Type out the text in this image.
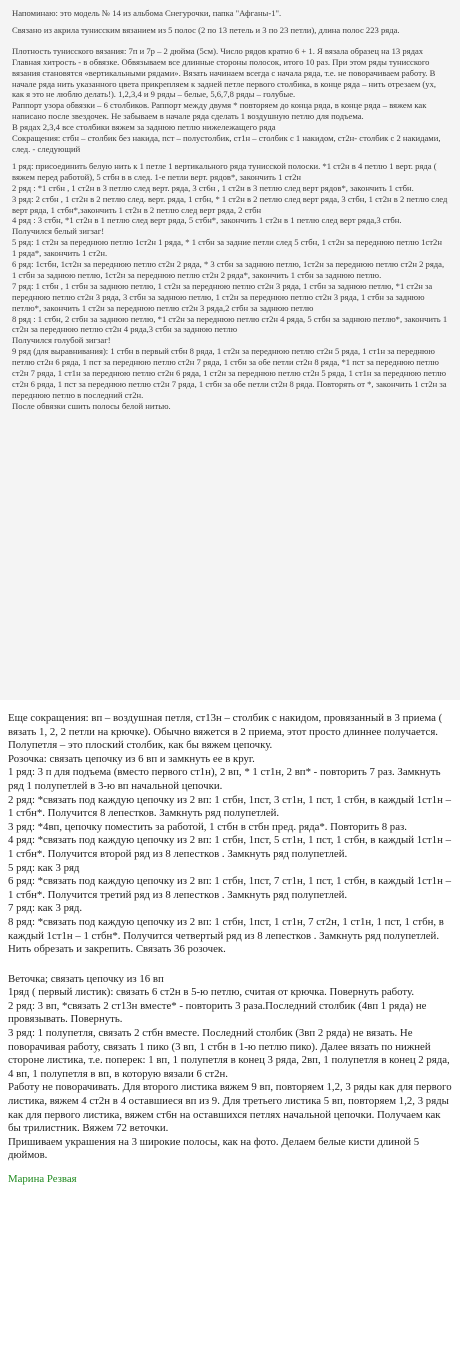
Напоминаю: это модель № 14 из альбома Снегурочки, папка "Афганы-1".

Связано из акрила тунисским вязанием из 5 полос (2 по 13 петель и 3 по 23 петли), длина полос 223 ряда.

Плотность тунисского вязания: 7п и 7р – 2 дюйма (5см). Число рядов кратно 6 + 1. Я вязала образец на 13 рядах

Главная хитрость - в обвязке. Обвязываем все длинные стороны полосок, итого 10 раз. При этом ряды тунисского вязания становятся «вертикальными рядами». Вязать начинаем всегда с начала ряда, т.е. не поворачиваем работу. В начале ряда нить указанного цвета прикрепляем к задней петле первого столбика, в конце ряда – нить отрезаем (ух, как я это не люблю делать!). 1,2,3,4 и 9 ряды – белые, 5,6,7,8 ряды – голубые.

Раппорт узора обвязки – 6 столбиков. Раппорт между двумя * повторяем до конца ряда, в конце ряда – вяжем как написано после звездочек. Не забываем в начале ряда сделать 1 воздушную петлю для подъема.

В рядах 2,3,4 все столбики вяжем за заднюю петлю нижележащего ряда

Сокращения: стбн – столбик без накида, пст – полустолбик, ст1н – столбик с 1 накидом, ст2н- столбик с 2 накидами, след. - следующий

1 ряд: присоединить белую нить к 1 петле 1 вертикального ряда тунисской полоски. *1 ст2н в 4 петлю 1 верт. ряда ( вяжем перед работой), 5 стбн в в след. 1-е петли верт. рядов*, закончить 1 ст2н

2 ряд : *1 ст6н , 1 ст2н в 3 петлю след верт. ряда, 3 ст6н , 1 ст2н в 3 петлю след верт рядов*, закончить 1 стбн.

3 ряд: 2 стбн , 1 ст2н в 2 петлю след. верт. ряда, 1 стбн, * 1 ст2н в 2 петлю след верт ряда, 3 стбн, 1 ст2н в 2 петлю след верт ряда, 1 стбн*,закончить 1 ст2н в 2 петлю след верт ряда, 2 стбн

4 ряд : 3 стбн, *1 ст2н в 1 петлю след верт ряда, 5 стбн*, закончить 1 ст2н в 1 петлю след верт ряда,3 стбн.

Получился белый зигзаг!

5 ряд: 1 ст2н за переднюю петлю 1ст2н 1 ряда, * 1 стбн за задние петли след 5 стбн, 1 ст2н за переднюю петлю 1ст2н 1 ряда*, закончить 1 ст2н.

6 ряд: 1стбн, 1ст2н за переднюю петлю ст2н 2 ряда, * 3 стбн за заднюю петлю, 1ст2н за переднюю петлю ст2н 2 ряда, 1 стбн за заднюю петлю, 1ст2н за переднюю петлю ст2н 2 ряда*, закончить 1 стбн за заднюю петлю.

7 ряд: 1 стбн , 1 стбн за заднюю петлю, 1 ст2н за переднюю петлю ст2н 3 ряда, 1 стбн за заднюю петлю, *1 ст2н за переднюю петлю ст2н 3 ряда, 3 стбн за заднюю петлю, 1 ст2н за переднюю петлю ст2н 3 ряда, 1 стбн за заднюю петлю*, закончить 1 ст2н за переднюю петлю ст2н 3 ряда,2 стбн за заднюю петлю

8 ряд : 1 стбн, 2 стбн за заднюю петлю, *1 ст2н за переднюю петлю ст2н 4 ряда, 5 стбн за заднюю петлю*, закончить 1 ст2н за переднюю петлю ст2н 4 ряда,3 стбн за заднюю петлю

Получился голубой зигзаг!

9 ряд (для выравнивания): 1 стбн в первый стбн 8 ряда, 1 ст2н за переднюю петлю ст2н 5 ряда, 1 ст1н за переднюю петлю ст2н 6 ряда, 1 пст за переднюю петлю ст2н 7 ряда, 1 стбн за обе петли ст2н 8 ряда, *1 пст за переднюю петлю ст2н 7 ряда, 1 ст1н за переднюю петлю ст2н 6 ряда, 1 ст2н за переднюю петлю ст2н 5 ряда, 1 ст1н за переднюю петлю ст2н 6 ряда, 1 пст за переднюю петлю ст2н 7 ряда, 1 стбн за обе петли ст2н 8 ряда. Повторять от *, закончить 1 ст2н за переднюю петлю в последний ст2н.

После обвязки сшить полосы белой нитью.

Еще сокращения: вп – воздушная петля, ст13н – столбик с накидом, провязанный в 3 приема ( вязать 1, 2, 2 петли на крючке). Обычно вяжется в 2 приема, этот просто длиннее получается.

Полупетля – это плоский столбик, как бы вяжем цепочку.

Розочка: связать цепочку из 6 вп и замкнуть ее в круг.

1 ряд: 3 п для подъема (вместо первого ст1н), 2 вп, * 1 ст1н, 2 вп* - повторить 7 раз. Замкнуть ряд 1 полупетлей в 3-ю вп начальной цепочки.

2 ряд: *связать под каждую цепочку из 2 вп: 1 стбн, 1пст, 3 ст1н, 1 пст, 1 стбн, в каждый 1ст1н – 1 стбн*. Получится 8 лепестков. Замкнуть ряд полупетлей.

3 ряд: *4вп, цепочку поместить за работой, 1 стбн в стбн пред. ряда*. Повторить 8 раз.

4 ряд: *связать под каждую цепочку из 2 вп: 1 стбн, 1пст, 5 ст1н, 1 пст, 1 стбн, в каждый 1ст1н – 1 стбн*. Получится второй ряд из 8 лепестков . Замкнуть ряд полупетлей.

5 ряд: как 3 ряд

6 ряд: *связать под каждую цепочку из 2 вп: 1 стбн, 1пст, 7 ст1н, 1 пст, 1 стбн, в каждый 1ст1н – 1 стбн*. Получится третий ряд из 8 лепестков . Замкнуть ряд полупетлей.

7 ряд: как 3 ряд.

8 ряд: *связать под каждую цепочку из 2 вп: 1 стбн, 1пст, 1 ст1н, 7 ст2н, 1 ст1н, 1 пст, 1 стбн, в каждый 1ст1н – 1 стбн*. Получится четвертый ряд из 8 лепестков . Замкнуть ряд полупетлей. Нить обрезать и закрепить. Связать 36 розочек.

Веточка; связать цепочку из 16 вп

1ряд ( первый листик): связать 6 ст2н в 5-ю петлю, считая от крючка. Повернуть работу.

2 ряд: 3 вп, *связать 2 ст13н вместе* - повторить 3 раза.Последний столбик (4вп 1 ряда) не провязывать. Повернуть.

3 ряд: 1 полупетля, связать 2 стбн вместе. Последний столбик (3вп 2 ряда) не вязать. Не поворачивая работу, связать 1 пико (3 вп, 1 стбн в 1-ю петлю пико). Далее вязать по нижней стороне листика, т.е. поперек: 1 вп, 1 полупетля в конец 3 ряда, 2вп, 1 полупетля в конец 2 ряда, 4 вп, 1 полупетля в вп, в которую вязали 6 ст2н.

Работу не поворачивать. Для второго листика вяжем 9 вп, повторяем 1,2, 3 ряды как для первого листика, вяжем 4 ст2н в 4 оставшиеся вп из 9. Для третьего листика 5 вп, повторяем 1,2, 3 ряды как для первого листика, вяжем ст6н на оставшихся петлях начальной цепочки. Получаем как бы трилистник. Вяжем 72 веточки.

Пришиваем украшения на 3 широкие полосы, как на фото. Делаем белые кисти длиной 5 дюймов.

Марина Резвая
